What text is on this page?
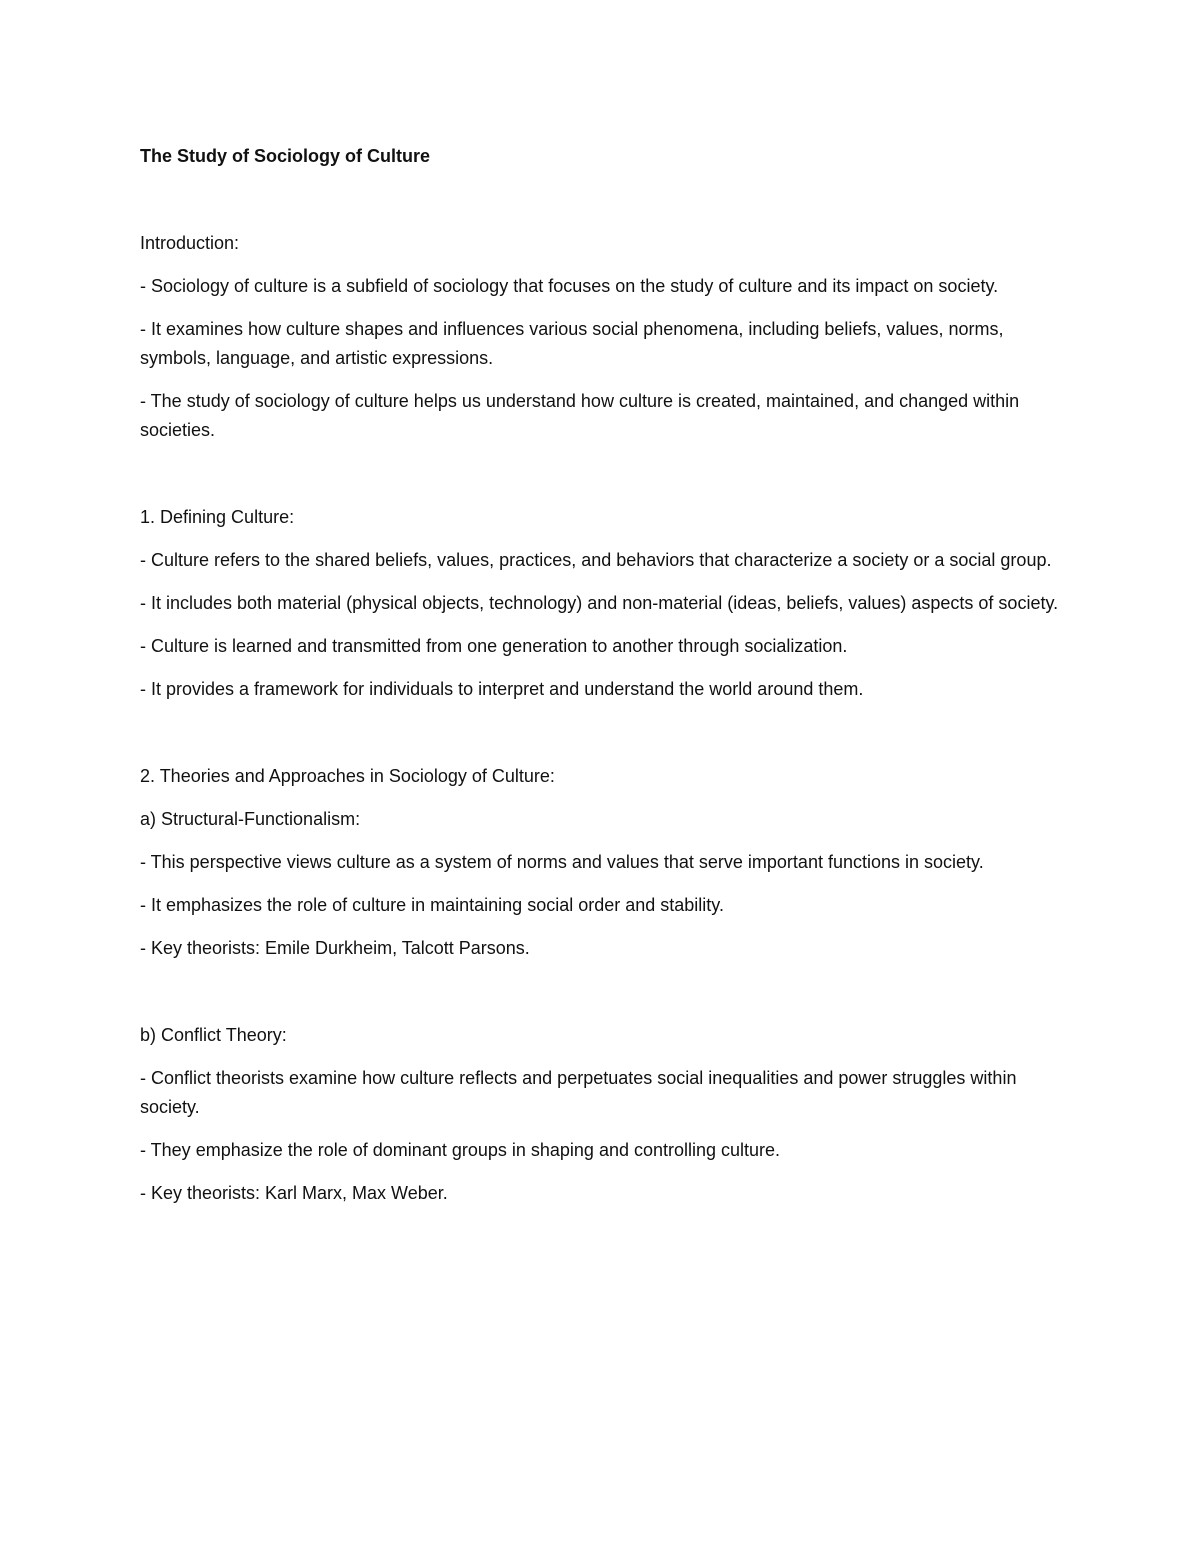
The Study of Sociology of Culture

Introduction:

- Sociology of culture is a subfield of sociology that focuses on the study of culture and its impact on society.

- It examines how culture shapes and influences various social phenomena, including beliefs, values, norms, symbols, language, and artistic expressions.

- The study of sociology of culture helps us understand how culture is created, maintained, and changed within societies.

1. Defining Culture:

- Culture refers to the shared beliefs, values, practices, and behaviors that characterize a society or a social group.

- It includes both material (physical objects, technology) and non-material (ideas, beliefs, values) aspects of society.

- Culture is learned and transmitted from one generation to another through socialization.

- It provides a framework for individuals to interpret and understand the world around them.

2. Theories and Approaches in Sociology of Culture:

a) Structural-Functionalism:

- This perspective views culture as a system of norms and values that serve important functions in society.

- It emphasizes the role of culture in maintaining social order and stability.

- Key theorists: Emile Durkheim, Talcott Parsons.

b) Conflict Theory:

- Conflict theorists examine how culture reflects and perpetuates social inequalities and power struggles within society.

- They emphasize the role of dominant groups in shaping and controlling culture.

- Key theorists: Karl Marx, Max Weber.
